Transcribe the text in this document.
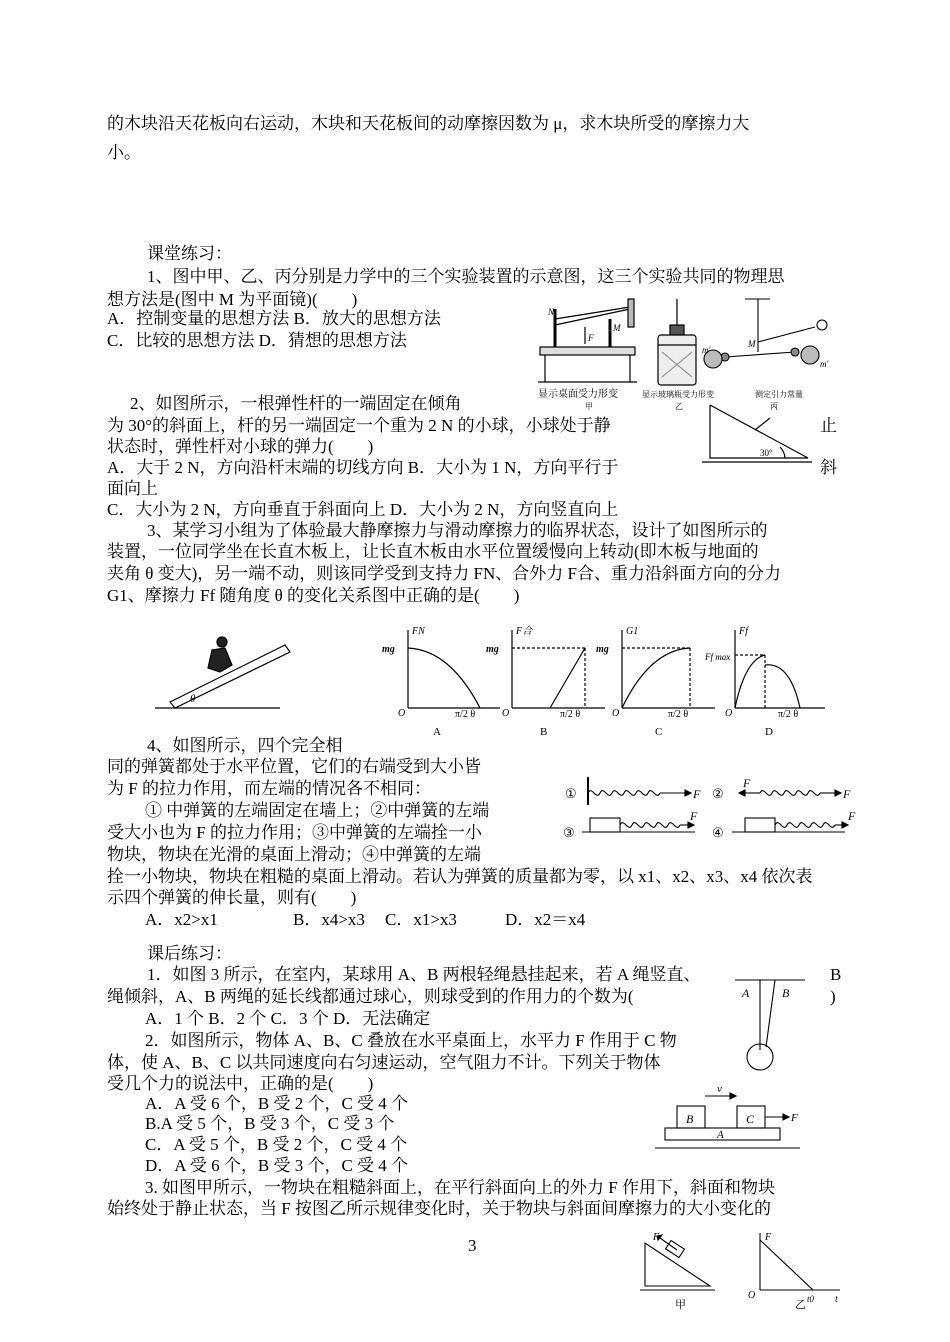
的木块沿天花板向右运动，木块和天花板间的动摩擦因数为 μ，求木块所受的摩擦力大
小。
课堂练习：
1、图中甲、乙、丙分别是力学中的三个实验装置的示意图，这三个实验共同的物理思
想方法是(图中 M 为平面镜)(　　)
A．控制变量的思想方法 B．放大的思想方法
C．比较的思想方法 D．猜想的思想方法
N
M
F
M
m′
m′
显示桌面受力形变
甲
显示玻璃瓶受力形变
乙
测定引力常量
丙
2、如图所示，一根弹性杆的一端固定在倾角
为 30°的斜面上，杆的另一端固定一个重为 2 N 的小球，小球处于静	止
状态时，弹性杆对小球的弹力(　　)
A．大于 2 N，方向沿杆末端的切线方向 B．大小为 1 N，方向平行于	斜
面向上
C．大小为 2 N，方向垂直于斜面向上 D．大小为 2 N，方向竖直向上
30°
3、某学习小组为了体验最大静摩擦力与滑动摩擦力的临界状态，设计了如图所示的
装置，一位同学坐在长直木板上，让长直木板由水平位置缓慢向上转动(即木板与地面的
夹角 θ 变大)，另一端不动，则该同学受到支持力 FN、合外力 F合、重力沿斜面方向的分力
G1、摩擦力 Ff 随角度 θ 的变化关系图中正确的是(　　)
θ
FN
mg
O	π/2 θ
A
F合
mg
O	π/2 θ
B
G1
mg
O	π/2 θ
C
Ff
Ff max
O	π/2 θ
D
4、如图所示，四个完全相
同的弹簧都处于水平位置，它们的右端受到大小皆
为 F 的拉力作用，而左端的情况各不相同：
① 中弹簧的左端固定在墙上；②中弹簧的左端
受大小也为 F 的拉力作用；③中弹簧的左端拴一小
物块，物块在光滑的桌面上滑动；④中弹簧的左端
拴一小物块，物块在粗糙的桌面上滑动。若认为弹簧的质量都为零，以 x1、x2、x3、x4 依次表
示四个弹簧的伸长量，则有(　　)
A．x2>x1	B．x4>x3 C．x1>x3	D．x2＝x4
①	F ②
F
F
③
F
④
F
课后练习：
1．如图 3 所示，在室内，某球用 A、B 两根轻绳悬挂起来，若 A 绳竖直、	B
绳倾斜，A、B 两绳的延长线都通过球心，则球受到的作用力的个数为(	)
A．1 个 B．2 个 C．3 个 D．无法确定
A	B
2．如图所示，物体 A、B、C 叠放在水平桌面上，水平力 F 作用于 C 物
体，使 A、B、C 以共同速度向右匀速运动，空气阻力不计。下列关于物体
受几个力的说法中，正确的是(　　)
A．A 受 6 个，B 受 2 个，C 受 4 个
B.A 受 5 个，B 受 3 个，C 受 3 个
C．A 受 5 个，B 受 2 个，C 受 4 个
D．A 受 6 个，B 受 3 个，C 受 4 个
v
B	C
A
F
3. 如图甲所示，一物块在粗糙斜面上，在平行斜面向上的外力 F 作用下，斜面和物块
始终处于静止状态，当 F 按图乙所示规律变化时，关于物块与斜面间摩擦力的大小变化的
3	F
甲
F
O	t0 t
乙
